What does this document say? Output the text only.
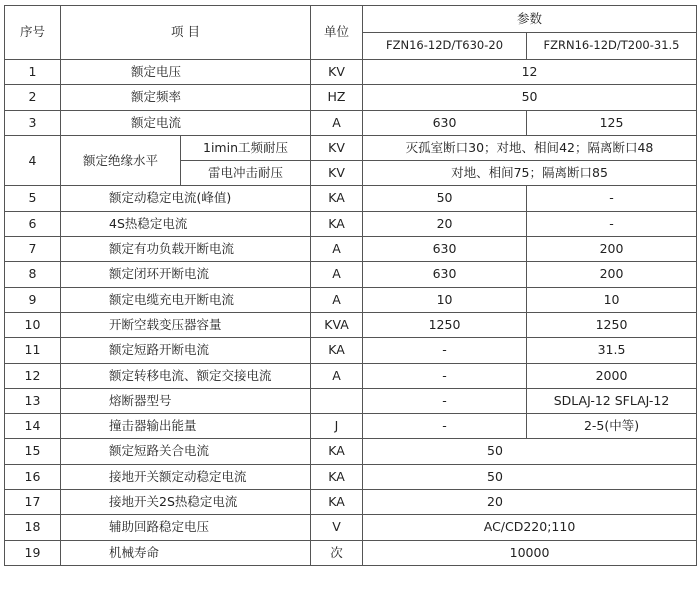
序号	项 目		单位	参数	
				FZN16-12D/T630-20	FZRN16-12D/T200-31.5
1	额定电压		KV	12	
2	额定频率		HZ	50	
3	额定电流		A	630	125
4	额定绝缘水平	1imin工频耐压	KV	灭孤室断口30；对地、相间42；隔离断口48	
		雷电冲击耐压	KV	对地、相间75；隔离断口85	
5	额定动稳定电流(峰值)		KA	50	-
6	4S热稳定电流		KA	20	-
7	额定有功负载开断电流		A	630	200
8	额定闭环开断电流		A	630	200
9	额定电缆充电开断电流		A	10	10
10	开断空载变压器容量		KVA	1250	1250
11	额定短路开断电流		KA	-	31.5
12	额定转移电流、额定交接电流		A	-	2000
13	熔断器型号			-	SDLAJ-12 SFLAJ-12
14	撞击器输出能量		J	-	2-5(中等)
15	额定短路关合电流		KA	50	
16	接地开关额定动稳定电流		KA	50	
17	接地开关2S热稳定电流		KA	20	
18	辅助回路稳定电压		V	AC/CD220;110	
19	机械寿命		次	10000	
